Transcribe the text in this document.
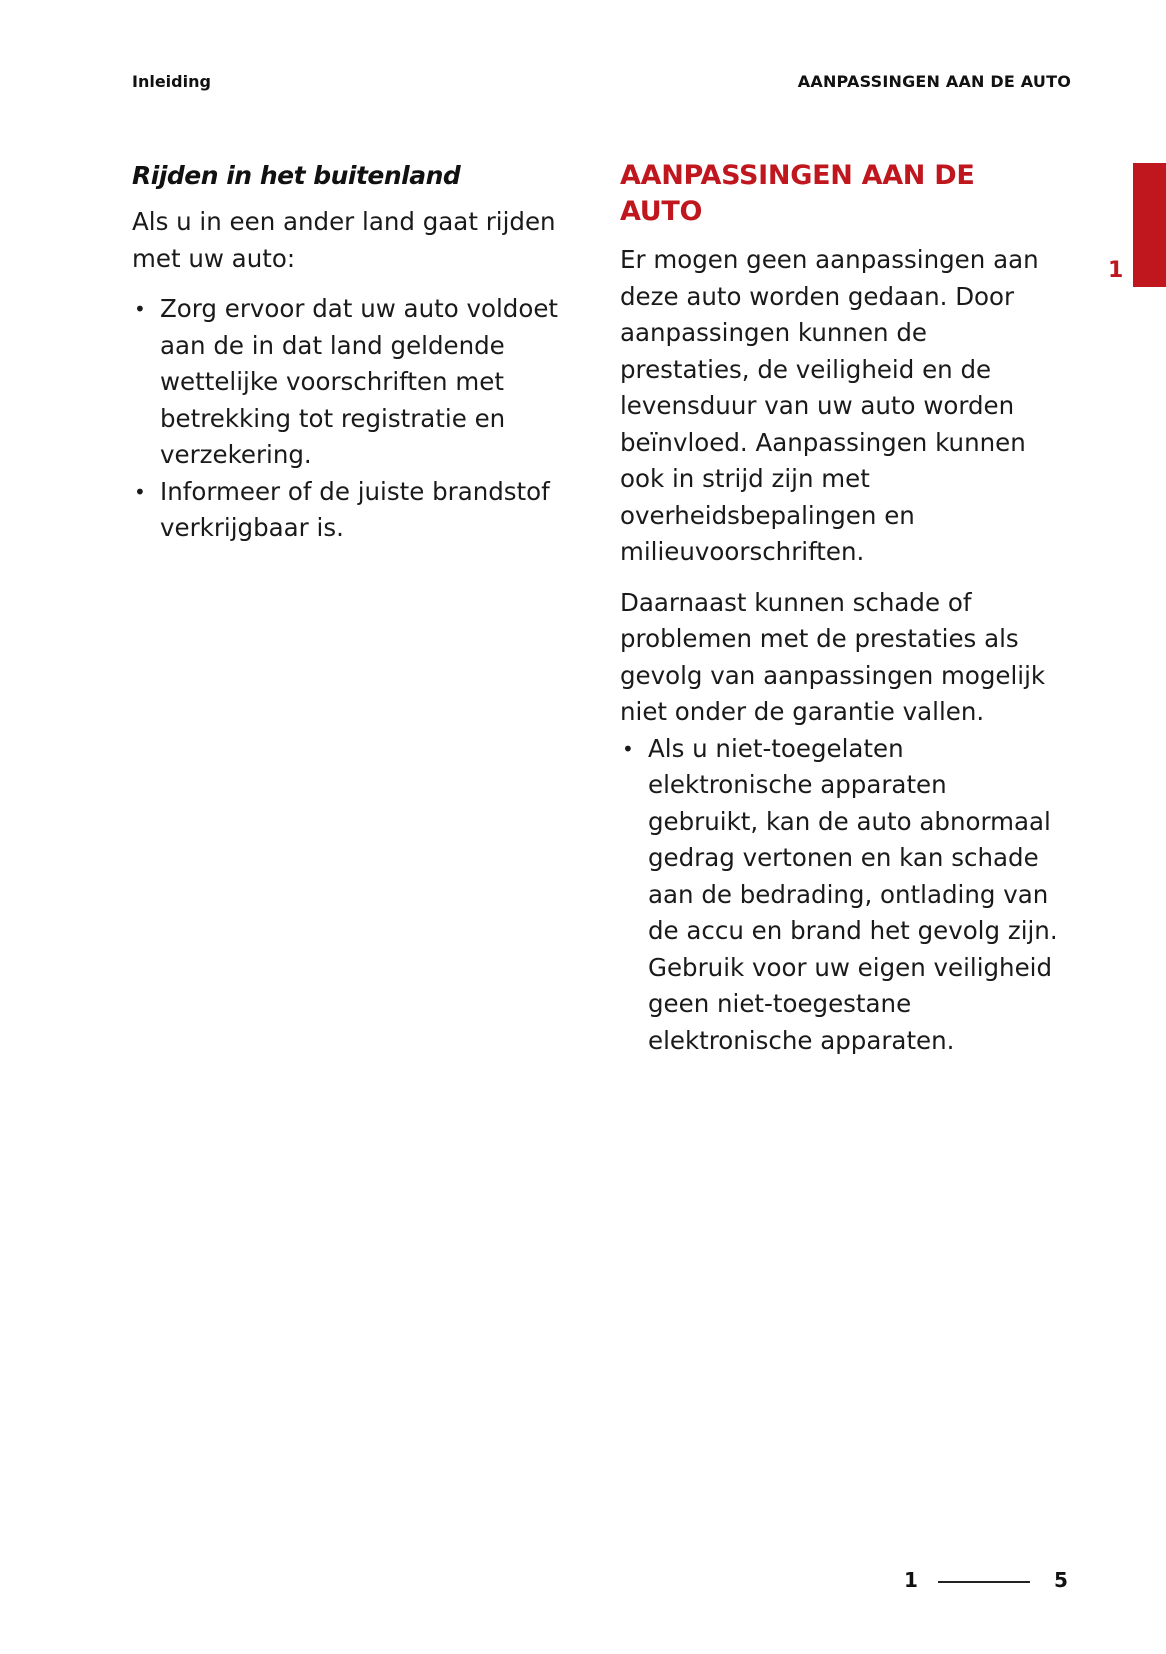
Inleiding	AANPASSINGEN AAN DE AUTO
1
Rijden in het buitenland

Als u in een ander land gaat rijden met uw auto:

• Zorg ervoor dat uw auto voldoet aan de in dat land geldende wettelijke voorschriften met betrekking tot registratie en verzekering.
• Informeer of de juiste brandstof verkrijgbaar is.
AANPASSINGEN AAN DE AUTO

Er mogen geen aanpassingen aan deze auto worden gedaan. Door aanpassingen kunnen de prestaties, de veiligheid en de levensduur van uw auto worden beïnvloed. Aanpassingen kunnen ook in strijd zijn met overheidsbepalingen en milieuvoorschriften.

Daarnaast kunnen schade of problemen met de prestaties als gevolg van aanpassingen mogelijk niet onder de garantie vallen.

• Als u niet-toegelaten elektronische apparaten gebruikt, kan de auto abnormaal gedrag vertonen en kan schade aan de bedrading, ontlading van de accu en brand het gevolg zijn. Gebruik voor uw eigen veiligheid geen niet-toegestane elektronische apparaten.
1	5
